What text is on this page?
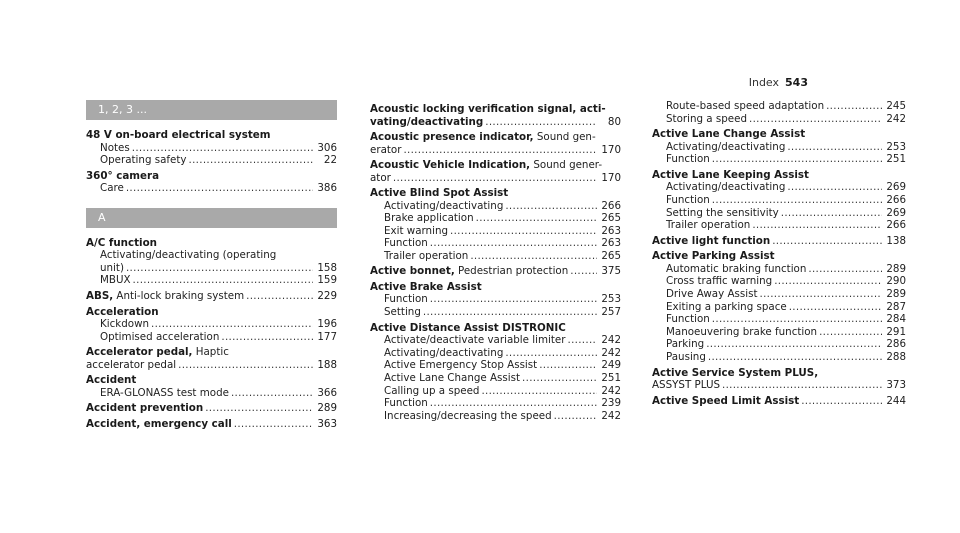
Index 543
1, 2, 3 ...
48 V on-board electrical system
Notes .....	306
Operating safety .....	22
360° camera
Care .....	386
A
A/C function
Activating/deactivating (operating
unit) .....	158
MBUX .....	159
ABS, Anti-lock braking system .....	229
Acceleration
Kickdown .....	196
Optimised acceleration .....	177
Accelerator pedal, Haptic
accelerator pedal .....	188
Accident
ERA-GLONASS test mode .....	366
Accident prevention .....	289
Accident, emergency call .....	363
Acoustic locking verification signal, acti-
vating/deactivating .....	80
Acoustic presence indicator, Sound gen-
erator .....	170
Acoustic Vehicle Indication, Sound gener-
ator .....	170
Active Blind Spot Assist
Activating/deactivating .....	266
Brake application .....	265
Exit warning .....	263
Function .....	263
Trailer operation .....	265
Active bonnet, Pedestrian protection .....	375
Active Brake Assist
Function .....	253
Setting .....	257
Active Distance Assist DISTRONIC
Activate/deactivate variable limiter .....	242
Activating/deactivating .....	242
Active Emergency Stop Assist .....	249
Active Lane Change Assist .....	251
Calling up a speed .....	242
Function .....	239
Increasing/decreasing the speed .....	242
Route-based speed adaptation .....	245
Storing a speed .....	242
Active Lane Change Assist
Activating/deactivating .....	253
Function .....	251
Active Lane Keeping Assist
Activating/deactivating .....	269
Function .....	266
Setting the sensitivity .....	269
Trailer operation .....	266
Active light function .....	138
Active Parking Assist
Automatic braking function .....	289
Cross traffic warning .....	290
Drive Away Assist .....	289
Exiting a parking space .....	287
Function .....	284
Manoeuvering brake function .....	291
Parking .....	286
Pausing .....	288
Active Service System PLUS,
ASSYST PLUS .....	373
Active Speed Limit Assist .....	244
